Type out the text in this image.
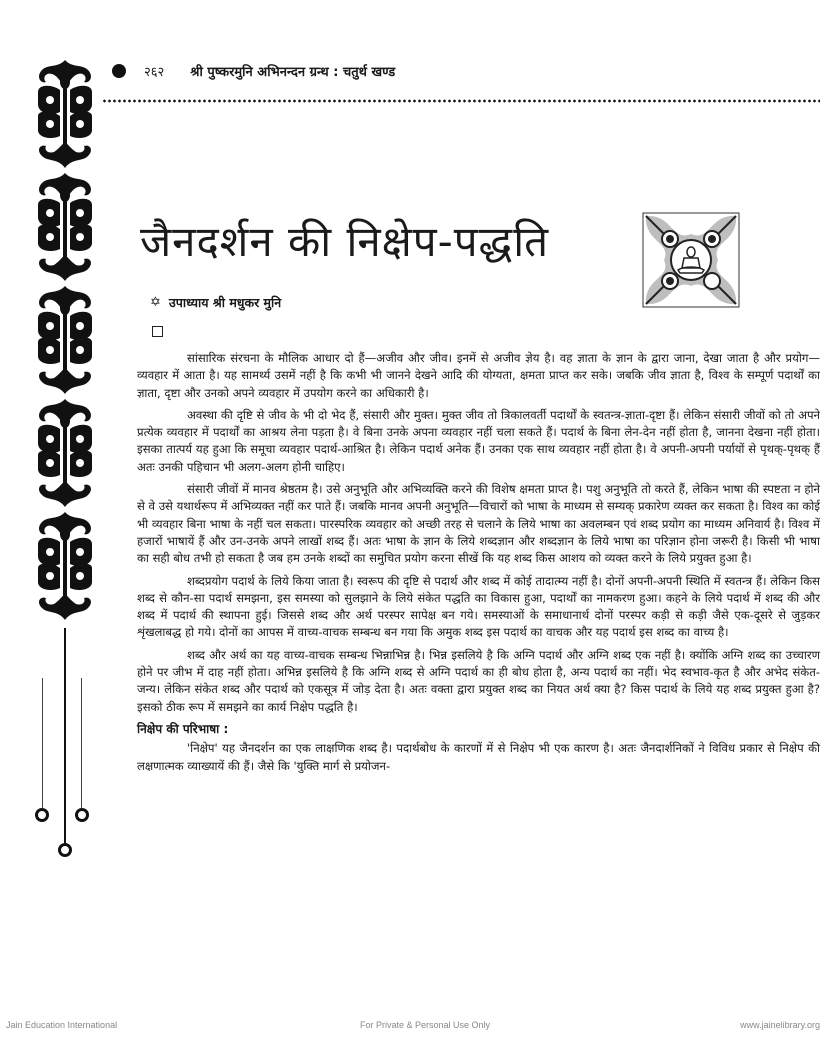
२६२ श्री पुष्करमुनि अभिनन्दन ग्रन्थ : चतुर्थ खण्ड
जैनदर्शन की निक्षेप-पद्धति
✡ उपाध्याय श्री मधुकर मुनि

सांसारिक संरचना के मौलिक आधार दो हैं—अजीव और जीव। इनमें से अजीव ज्ञेय है। वह ज्ञाता के ज्ञान के द्वारा जाना, देखा जाता है और प्रयोग—व्यवहार में आता है। यह सामर्थ्य उसमें नहीं है कि कभी भी जानने देखने आदि की योग्यता, क्षमता प्राप्त कर सके। जबकि जीव ज्ञाता है, विश्व के सम्पूर्ण पदार्थों का ज्ञाता, दृष्टा और उनको अपने व्यवहार में उपयोग करने का अधिकारी है।

अवस्था की दृष्टि से जीव के भी दो भेद हैं, संसारी और मुक्त। मुक्त जीव तो त्रिकालवर्ती पदार्थों के स्वतन्त्र-ज्ञाता-दृष्टा हैं। लेकिन संसारी जीवों को तो अपने प्रत्येक व्यवहार में पदार्थों का आश्रय लेना पड़ता है। वे बिना उनके अपना व्यवहार नहीं चला सकते हैं। पदार्थ के बिना लेन-देन नहीं होता है, जानना देखना नहीं होता। इसका तात्पर्य यह हुआ कि समूचा व्यवहार पदार्थ-आश्रित है। लेकिन पदार्थ अनेक हैं। उनका एक साथ व्यवहार नहीं होता है। वे अपनी-अपनी पर्यायों से पृथक्-पृथक् हैं अतः उनकी पहिचान भी अलग-अलग होनी चाहिए।

संसारी जीवों में मानव श्रेष्ठतम है। उसे अनुभूति और अभिव्यक्ति करने की विशेष क्षमता प्राप्त है। पशु अनुभूति तो करते हैं, लेकिन भाषा की स्पष्टता न होने से वे उसे यथार्थरूप में अभिव्यक्त नहीं कर पाते हैं। जबकि मानव अपनी अनुभूति—विचारों को भाषा के माध्यम से सम्यक् प्रकारेण व्यक्त कर सकता है। विश्व का कोई भी व्यवहार बिना भाषा के नहीं चल सकता। पारस्परिक व्यवहार को अच्छी तरह से चलाने के लिये भाषा का अवलम्बन एवं शब्द प्रयोग का माध्यम अनिवार्य है। विश्व में हजारों भाषायें हैं और उन-उनके अपने लाखों शब्द हैं। अतः भाषा के ज्ञान के लिये शब्दज्ञान और शब्दज्ञान के लिये भाषा का परिज्ञान होना जरूरी है। किसी भी भाषा का सही बोध तभी हो सकता है जब हम उनके शब्दों का समुचित प्रयोग करना सीखें कि यह शब्द किस आशय को व्यक्त करने के लिये प्रयुक्त हुआ है।

शब्दप्रयोग पदार्थ के लिये किया जाता है। स्वरूप की दृष्टि से पदार्थ और शब्द में कोई तादात्म्य नहीं है। दोनों अपनी-अपनी स्थिति में स्वतन्त्र हैं। लेकिन किस शब्द से कौन-सा पदार्थ समझना, इस समस्या को सुलझाने के लिये संकेत पद्धति का विकास हुआ, पदार्थों का नामकरण हुआ। कहने के लिये पदार्थ में शब्द की और शब्द में पदार्थ की स्थापना हुई। जिससे शब्द और अर्थ परस्पर सापेक्ष बन गये। समस्याओं के समाधानार्थ दोनों परस्पर कड़ी से कड़ी जैसे एक-दूसरे से जुड़कर शृंखलाबद्ध हो गये। दोनों का आपस में वाच्य-वाचक सम्बन्ध बन गया कि अमुक शब्द इस पदार्थ का वाचक और यह पदार्थ इस शब्द का वाच्य है।

शब्द और अर्थ का यह वाच्य-वाचक सम्बन्ध भिन्नाभिन्न है। भिन्न इसलिये है कि अग्नि पदार्थ और अग्नि शब्द एक नहीं है। क्योंकि अग्नि शब्द का उच्चारण होने पर जीभ में दाह नहीं होता। अभिन्न इसलिये है कि अग्नि शब्द से अग्नि पदार्थ का ही बोध होता है, अन्य पदार्थ का नहीं। भेद स्वभाव-कृत है और अभेद संकेत-जन्य। लेकिन संकेत शब्द और पदार्थ को एकसूत्र में जोड़ देता है। अतः वक्ता द्वारा प्रयुक्त शब्द का नियत अर्थ क्या है? किस पदार्थ के लिये यह शब्द प्रयुक्त हुआ है? इसको ठीक रूप में समझने का कार्य निक्षेप पद्धति है।

निक्षेप की परिभाषा :

'निक्षेप' यह जैनदर्शन का एक लाक्षणिक शब्द है। पदार्थबोध के कारणों में से निक्षेप भी एक कारण है। अतः जैनदार्शनिकों ने विविध प्रकार से निक्षेप की लक्षणात्मक व्याख्यायें की हैं। जैसे कि 'युक्ति मार्ग से प्रयोजन-

Jain Education International	For Private & Personal Use Only	www.jainelibrary.org
